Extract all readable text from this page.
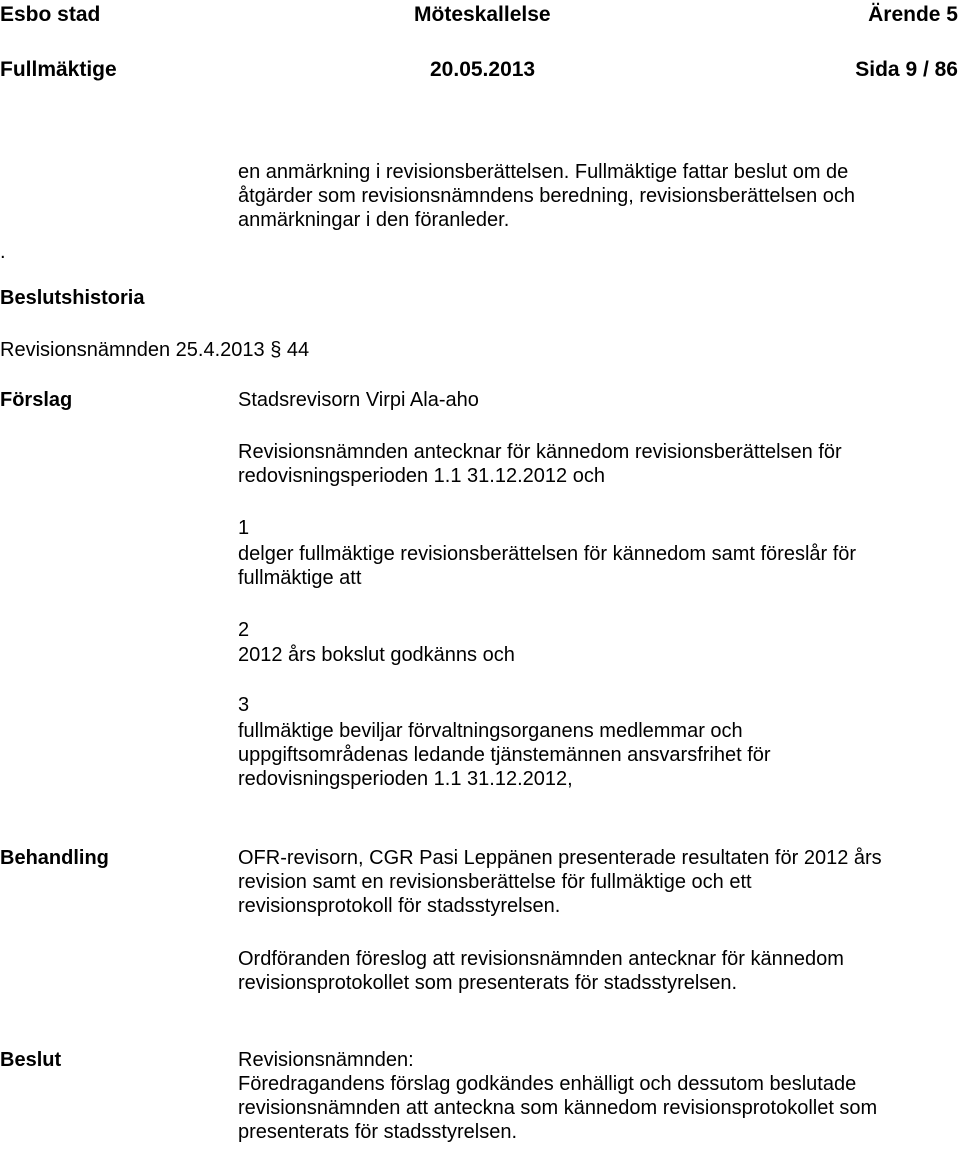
Esbo stad	Möteskallelse	Ärende 5
Fullmäktige	20.05.2013	Sida 9 / 86
.
en anmärkning i revisionsberättelsen. Fullmäktige fattar beslut om de
åtgärder som revisionsnämndens beredning, revisionsberättelsen och
anmärkningar i den föranleder.
Beslutshistoria
Revisionsnämnden 25.4.2013 § 44
Förslag	Stadsrevisorn Virpi Ala-aho
Revisionsnämnden antecknar för kännedom revisionsberättelsen för
redovisningsperioden 1.1 31.12.2012 och
1
delger fullmäktige revisionsberättelsen för kännedom samt föreslår för
fullmäktige att
2
2012 års bokslut godkänns och
3
fullmäktige beviljar förvaltningsorganens medlemmar och
uppgiftsområdenas ledande tjänstemännen ansvarsfrihet för
redovisningsperioden 1.1 31.12.2012,
Behandling	OFR-revisorn, CGR Pasi Leppänen presenterade resultaten för 2012 års
revision samt en revisionsberättelse för fullmäktige och ett
revisionsprotokoll för stadsstyrelsen.
Ordföranden föreslog att revisionsnämnden antecknar för kännedom
revisionsprotokollet som presenterats för stadsstyrelsen.
Beslut	Revisionsnämnden:
Föredragandens förslag godkändes enhälligt och dessutom beslutade
revisionsnämnden att anteckna som kännedom revisionsprotokollet som
presenterats för stadsstyrelsen.
